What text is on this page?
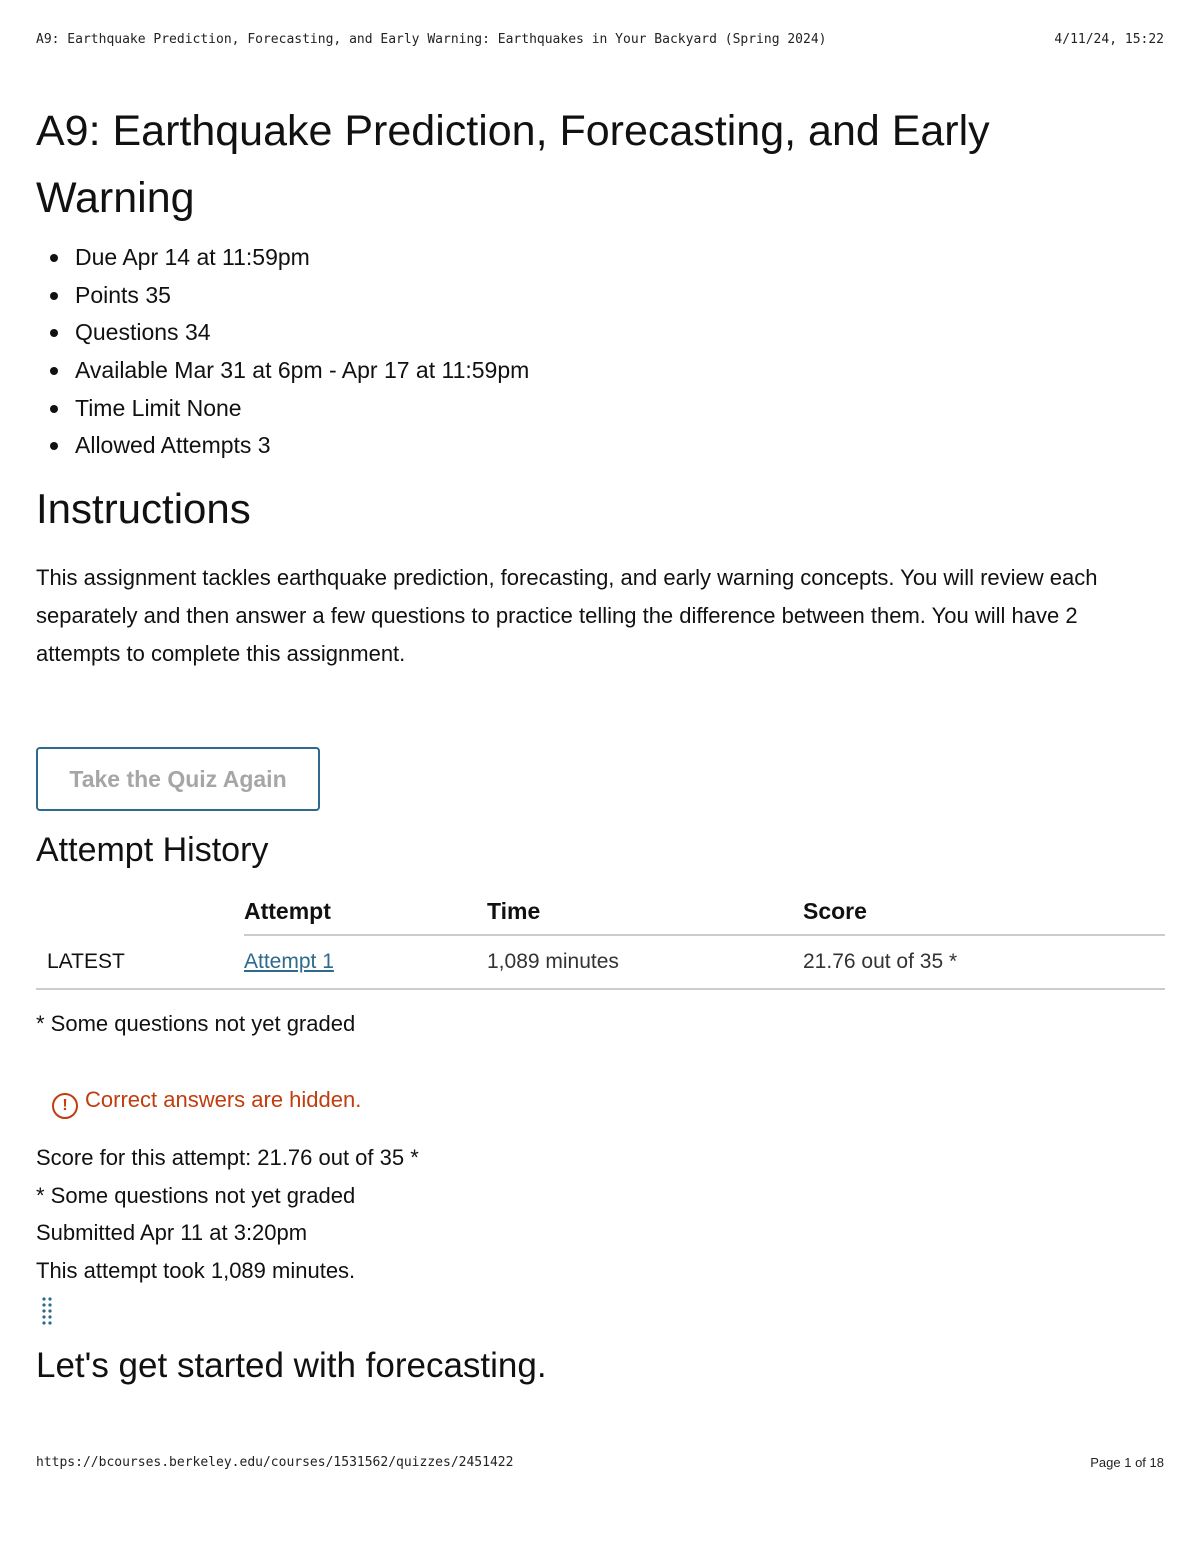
A9: Earthquake Prediction, Forecasting, and Early Warning: Earthquakes in Your Backyard (Spring 2024)	4/11/24, 15:22
A9: Earthquake Prediction, Forecasting, and Early Warning
Due Apr 14 at 11:59pm
Points 35
Questions 34
Available Mar 31 at 6pm - Apr 17 at 11:59pm
Time Limit None
Allowed Attempts 3
Instructions

This assignment tackles earthquake prediction, forecasting, and early warning concepts. You will review each separately and then answer a few questions to practice telling the difference between them. You will have 2 attempts to complete this assignment.

Take the Quiz Again
Attempt History
	Attempt	Time	Score
LATEST	Attempt 1	1,089 minutes	21.76 out of 35 *

* Some questions not yet graded

! Correct answers are hidden.
Score for this attempt: 21.76 out of 35 *
* Some questions not yet graded
Submitted Apr 11 at 3:20pm
This attempt took 1,089 minutes.
Let's get started with forecasting.
https://bcourses.berkeley.edu/courses/1531562/quizzes/2451422	Page 1 of 18
